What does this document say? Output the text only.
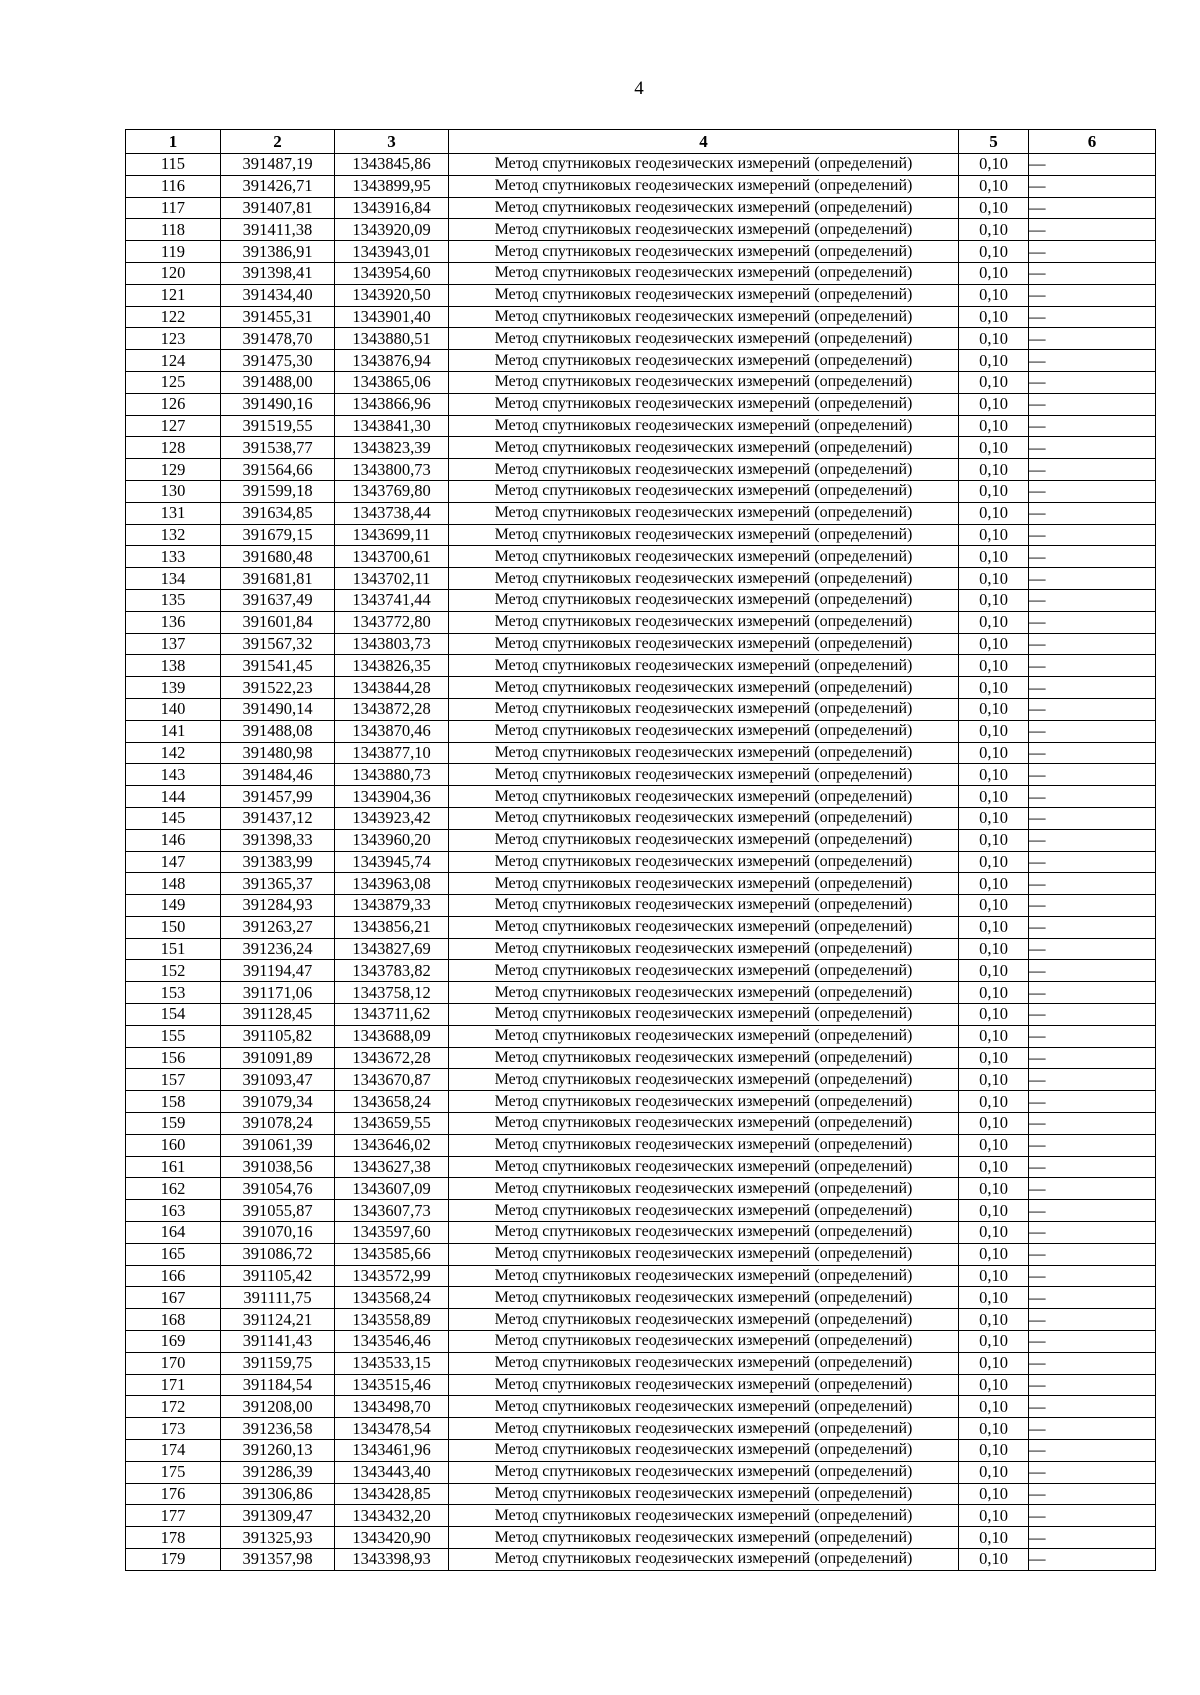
4
1	2	3	4	5	6
115	391487,19	1343845,86	Метод спутниковых геодезических измерений (определений)	0,10	—
116	391426,71	1343899,95	Метод спутниковых геодезических измерений (определений)	0,10	—
117	391407,81	1343916,84	Метод спутниковых геодезических измерений (определений)	0,10	—
118	391411,38	1343920,09	Метод спутниковых геодезических измерений (определений)	0,10	—
119	391386,91	1343943,01	Метод спутниковых геодезических измерений (определений)	0,10	—
120	391398,41	1343954,60	Метод спутниковых геодезических измерений (определений)	0,10	—
121	391434,40	1343920,50	Метод спутниковых геодезических измерений (определений)	0,10	—
122	391455,31	1343901,40	Метод спутниковых геодезических измерений (определений)	0,10	—
123	391478,70	1343880,51	Метод спутниковых геодезических измерений (определений)	0,10	—
124	391475,30	1343876,94	Метод спутниковых геодезических измерений (определений)	0,10	—
125	391488,00	1343865,06	Метод спутниковых геодезических измерений (определений)	0,10	—
126	391490,16	1343866,96	Метод спутниковых геодезических измерений (определений)	0,10	—
127	391519,55	1343841,30	Метод спутниковых геодезических измерений (определений)	0,10	—
128	391538,77	1343823,39	Метод спутниковых геодезических измерений (определений)	0,10	—
129	391564,66	1343800,73	Метод спутниковых геодезических измерений (определений)	0,10	—
130	391599,18	1343769,80	Метод спутниковых геодезических измерений (определений)	0,10	—
131	391634,85	1343738,44	Метод спутниковых геодезических измерений (определений)	0,10	—
132	391679,15	1343699,11	Метод спутниковых геодезических измерений (определений)	0,10	—
133	391680,48	1343700,61	Метод спутниковых геодезических измерений (определений)	0,10	—
134	391681,81	1343702,11	Метод спутниковых геодезических измерений (определений)	0,10	—
135	391637,49	1343741,44	Метод спутниковых геодезических измерений (определений)	0,10	—
136	391601,84	1343772,80	Метод спутниковых геодезических измерений (определений)	0,10	—
137	391567,32	1343803,73	Метод спутниковых геодезических измерений (определений)	0,10	—
138	391541,45	1343826,35	Метод спутниковых геодезических измерений (определений)	0,10	—
139	391522,23	1343844,28	Метод спутниковых геодезических измерений (определений)	0,10	—
140	391490,14	1343872,28	Метод спутниковых геодезических измерений (определений)	0,10	—
141	391488,08	1343870,46	Метод спутниковых геодезических измерений (определений)	0,10	—
142	391480,98	1343877,10	Метод спутниковых геодезических измерений (определений)	0,10	—
143	391484,46	1343880,73	Метод спутниковых геодезических измерений (определений)	0,10	—
144	391457,99	1343904,36	Метод спутниковых геодезических измерений (определений)	0,10	—
145	391437,12	1343923,42	Метод спутниковых геодезических измерений (определений)	0,10	—
146	391398,33	1343960,20	Метод спутниковых геодезических измерений (определений)	0,10	—
147	391383,99	1343945,74	Метод спутниковых геодезических измерений (определений)	0,10	—
148	391365,37	1343963,08	Метод спутниковых геодезических измерений (определений)	0,10	—
149	391284,93	1343879,33	Метод спутниковых геодезических измерений (определений)	0,10	—
150	391263,27	1343856,21	Метод спутниковых геодезических измерений (определений)	0,10	—
151	391236,24	1343827,69	Метод спутниковых геодезических измерений (определений)	0,10	—
152	391194,47	1343783,82	Метод спутниковых геодезических измерений (определений)	0,10	—
153	391171,06	1343758,12	Метод спутниковых геодезических измерений (определений)	0,10	—
154	391128,45	1343711,62	Метод спутниковых геодезических измерений (определений)	0,10	—
155	391105,82	1343688,09	Метод спутниковых геодезических измерений (определений)	0,10	—
156	391091,89	1343672,28	Метод спутниковых геодезических измерений (определений)	0,10	—
157	391093,47	1343670,87	Метод спутниковых геодезических измерений (определений)	0,10	—
158	391079,34	1343658,24	Метод спутниковых геодезических измерений (определений)	0,10	—
159	391078,24	1343659,55	Метод спутниковых геодезических измерений (определений)	0,10	—
160	391061,39	1343646,02	Метод спутниковых геодезических измерений (определений)	0,10	—
161	391038,56	1343627,38	Метод спутниковых геодезических измерений (определений)	0,10	—
162	391054,76	1343607,09	Метод спутниковых геодезических измерений (определений)	0,10	—
163	391055,87	1343607,73	Метод спутниковых геодезических измерений (определений)	0,10	—
164	391070,16	1343597,60	Метод спутниковых геодезических измерений (определений)	0,10	—
165	391086,72	1343585,66	Метод спутниковых геодезических измерений (определений)	0,10	—
166	391105,42	1343572,99	Метод спутниковых геодезических измерений (определений)	0,10	—
167	391111,75	1343568,24	Метод спутниковых геодезических измерений (определений)	0,10	—
168	391124,21	1343558,89	Метод спутниковых геодезических измерений (определений)	0,10	—
169	391141,43	1343546,46	Метод спутниковых геодезических измерений (определений)	0,10	—
170	391159,75	1343533,15	Метод спутниковых геодезических измерений (определений)	0,10	—
171	391184,54	1343515,46	Метод спутниковых геодезических измерений (определений)	0,10	—
172	391208,00	1343498,70	Метод спутниковых геодезических измерений (определений)	0,10	—
173	391236,58	1343478,54	Метод спутниковых геодезических измерений (определений)	0,10	—
174	391260,13	1343461,96	Метод спутниковых геодезических измерений (определений)	0,10	—
175	391286,39	1343443,40	Метод спутниковых геодезических измерений (определений)	0,10	—
176	391306,86	1343428,85	Метод спутниковых геодезических измерений (определений)	0,10	—
177	391309,47	1343432,20	Метод спутниковых геодезических измерений (определений)	0,10	—
178	391325,93	1343420,90	Метод спутниковых геодезических измерений (определений)	0,10	—
179	391357,98	1343398,93	Метод спутниковых геодезических измерений (определений)	0,10	—
